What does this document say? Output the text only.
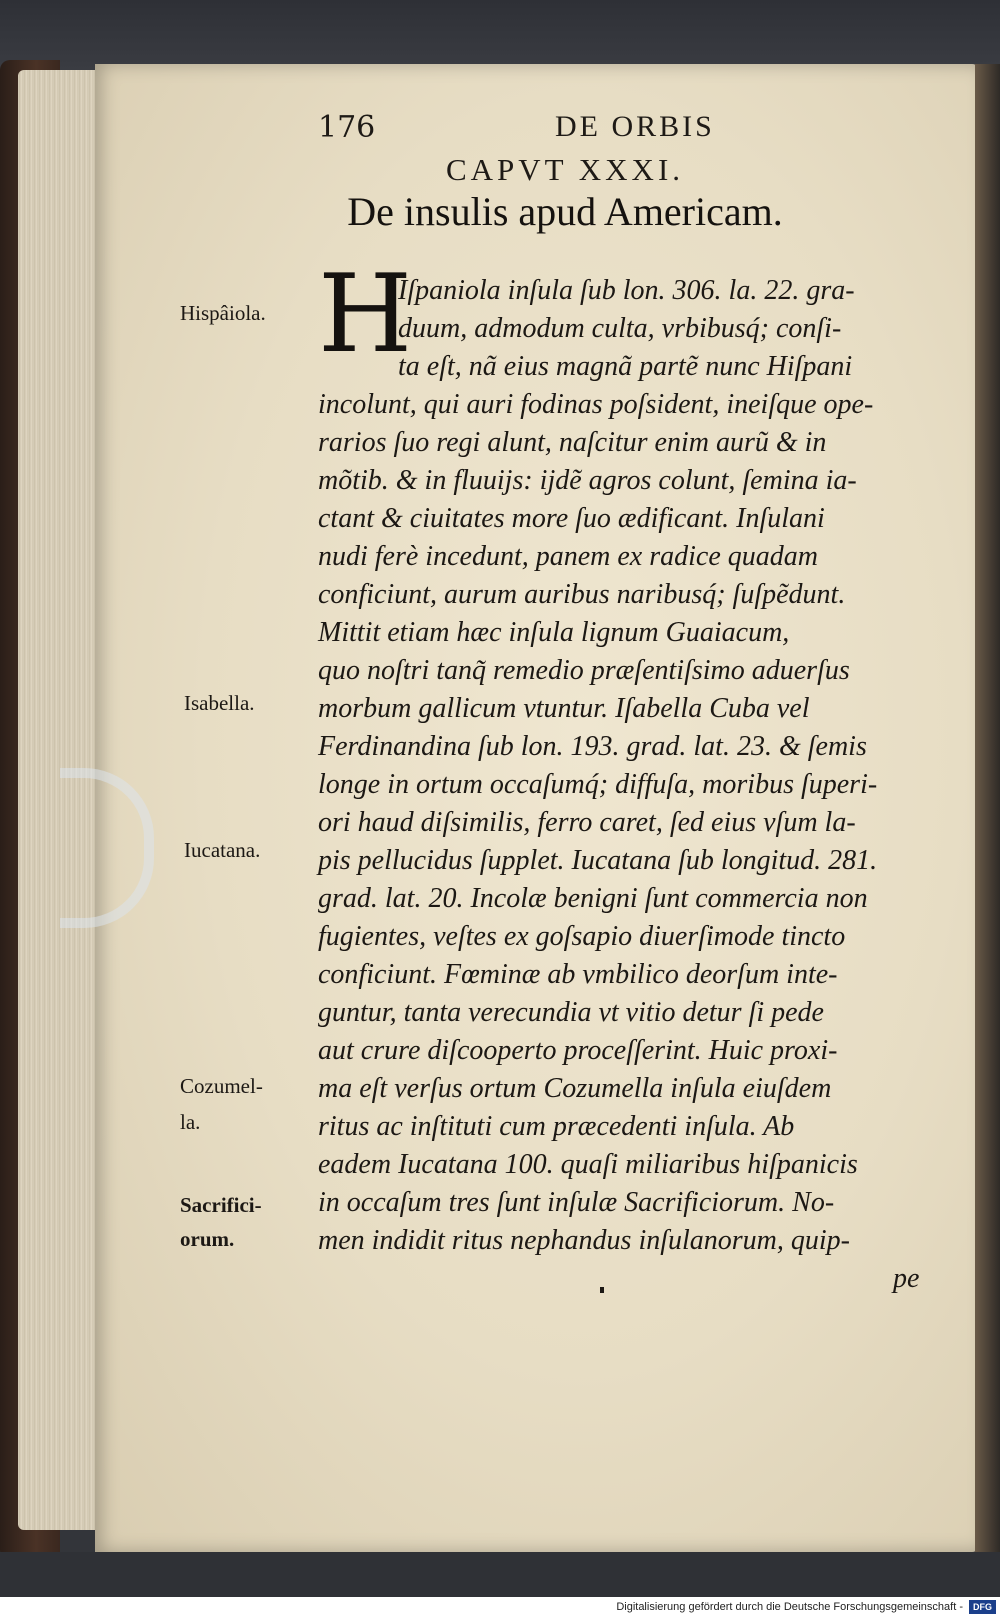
176	DE ORBIS
CAPVT XXXI.
De insulis apud Americam.
H
Hispâiola.
Isabella.
Iucatana.
Cozumel-
la.
Sacrifici-
orum.
Iſpaniola inſula ſub lon. 306. la. 22. gra-
duum, admodum culta, vrbibusq́; conſi-
ta eſt, nã eius magnã partẽ nunc Hiſpani
incolunt, qui auri fodinas poſsident, ineiſque ope-
rarios ſuo regi alunt, naſcitur enim aurũ & in
mõtib. & in fluuijs: ijdẽ agros colunt, ſemina ia-
ctant & ciuitates more ſuo ædificant. Inſulani
nudi ferè incedunt, panem ex radice quadam
conficiunt, aurum auribus naribusq́; ſuſpẽdunt.
Mittit etiam hæc inſula lignum Guaiacum,
quo noſtri tanq̃ remedio præſentiſsimo aduerſus
morbum gallicum vtuntur. Iſabella Cuba vel
Ferdinandina ſub lon. 193. grad. lat. 23. & ſemis
longe in ortum occaſumq́; diffuſa, moribus ſuperi-
ori haud diſsimilis, ferro caret, ſed eius vſum la-
pis pellucidus ſupplet. Iucatana ſub longitud. 281.
grad. lat. 20. Incolæ benigni ſunt commercia non
fugientes, veſtes ex goſsapio diuerſimode tincto
conficiunt. Fœminæ ab vmbilico deorſum inte-
guntur, tanta verecundia vt vitio detur ſi pede
aut crure diſcooperto proceſſerint. Huic proxi-
ma eſt verſus ortum Cozumella inſula eiuſdem
ritus ac inſtituti cum præcedenti inſula. Ab
eadem Iucatana 100. quaſi miliaribus hiſpanicis
in occaſum tres ſunt inſulæ Sacrificiorum. No-
men indidit ritus nephandus inſulanorum, quip-
pe
Digitalisierung gefördert durch die Deutsche Forschungsgemeinschaft - DFG
